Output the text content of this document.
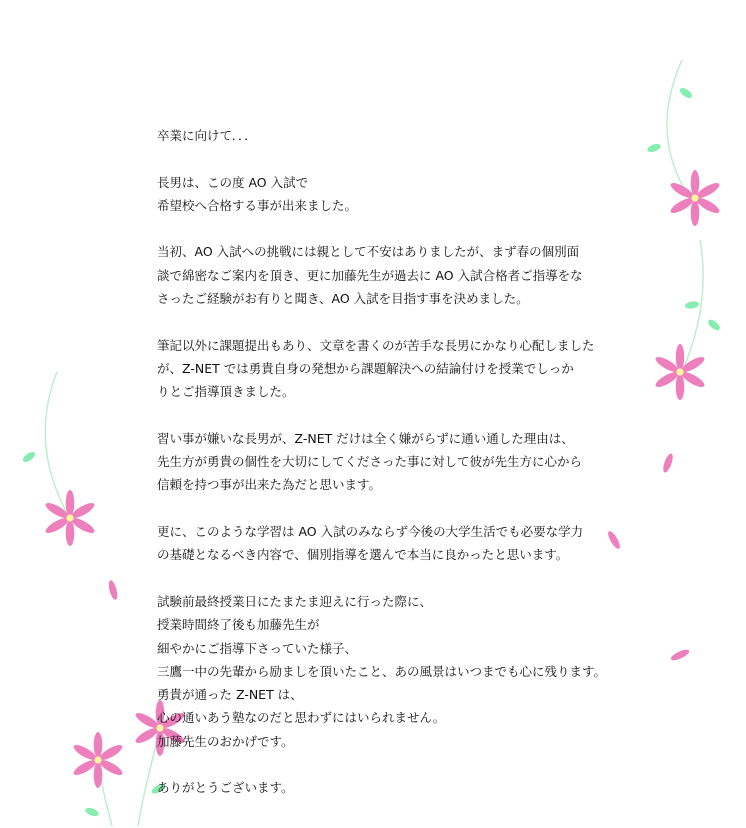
卒業に向けて．．．
長男は、この度 AO 入試で
希望校へ合格する事が出来ました。
当初、AO 入試への挑戦には親として不安はありましたが、まず春の個別面
談で綿密なご案内を頂き、更に加藤先生が過去に AO 入試合格者ご指導をな
さったご経験がお有りと聞き、AO 入試を目指す事を決めました。
筆記以外に課題提出もあり、文章を書くのが苦手な長男にかなり心配しました
が、Z-NET では勇貴自身の発想から課題解決への結論付けを授業でしっか
りとご指導頂きました。
習い事が嫌いな長男が、Z-NET だけは全く嫌がらずに通い通した理由は、
先生方が勇貴の個性を大切にしてくださった事に対して彼が先生方に心から
信頼を持つ事が出来た為だと思います。
更に、このような学習は AO 入試のみならず今後の大学生活でも必要な学力
の基礎となるべき内容で、個別指導を選んで本当に良かったと思います。
試験前最終授業日にたまたま迎えに行った際に、
授業時間終了後も加藤先生が
細やかにご指導下さっていた様子、
三鷹一中の先輩から励ましを頂いたこと、あの風景はいつまでも心に残ります。
勇貴が通った Z-NET は、
心の通いあう塾なのだと思わずにはいられません。
加藤先生のおかげです。
ありがとうございます。
